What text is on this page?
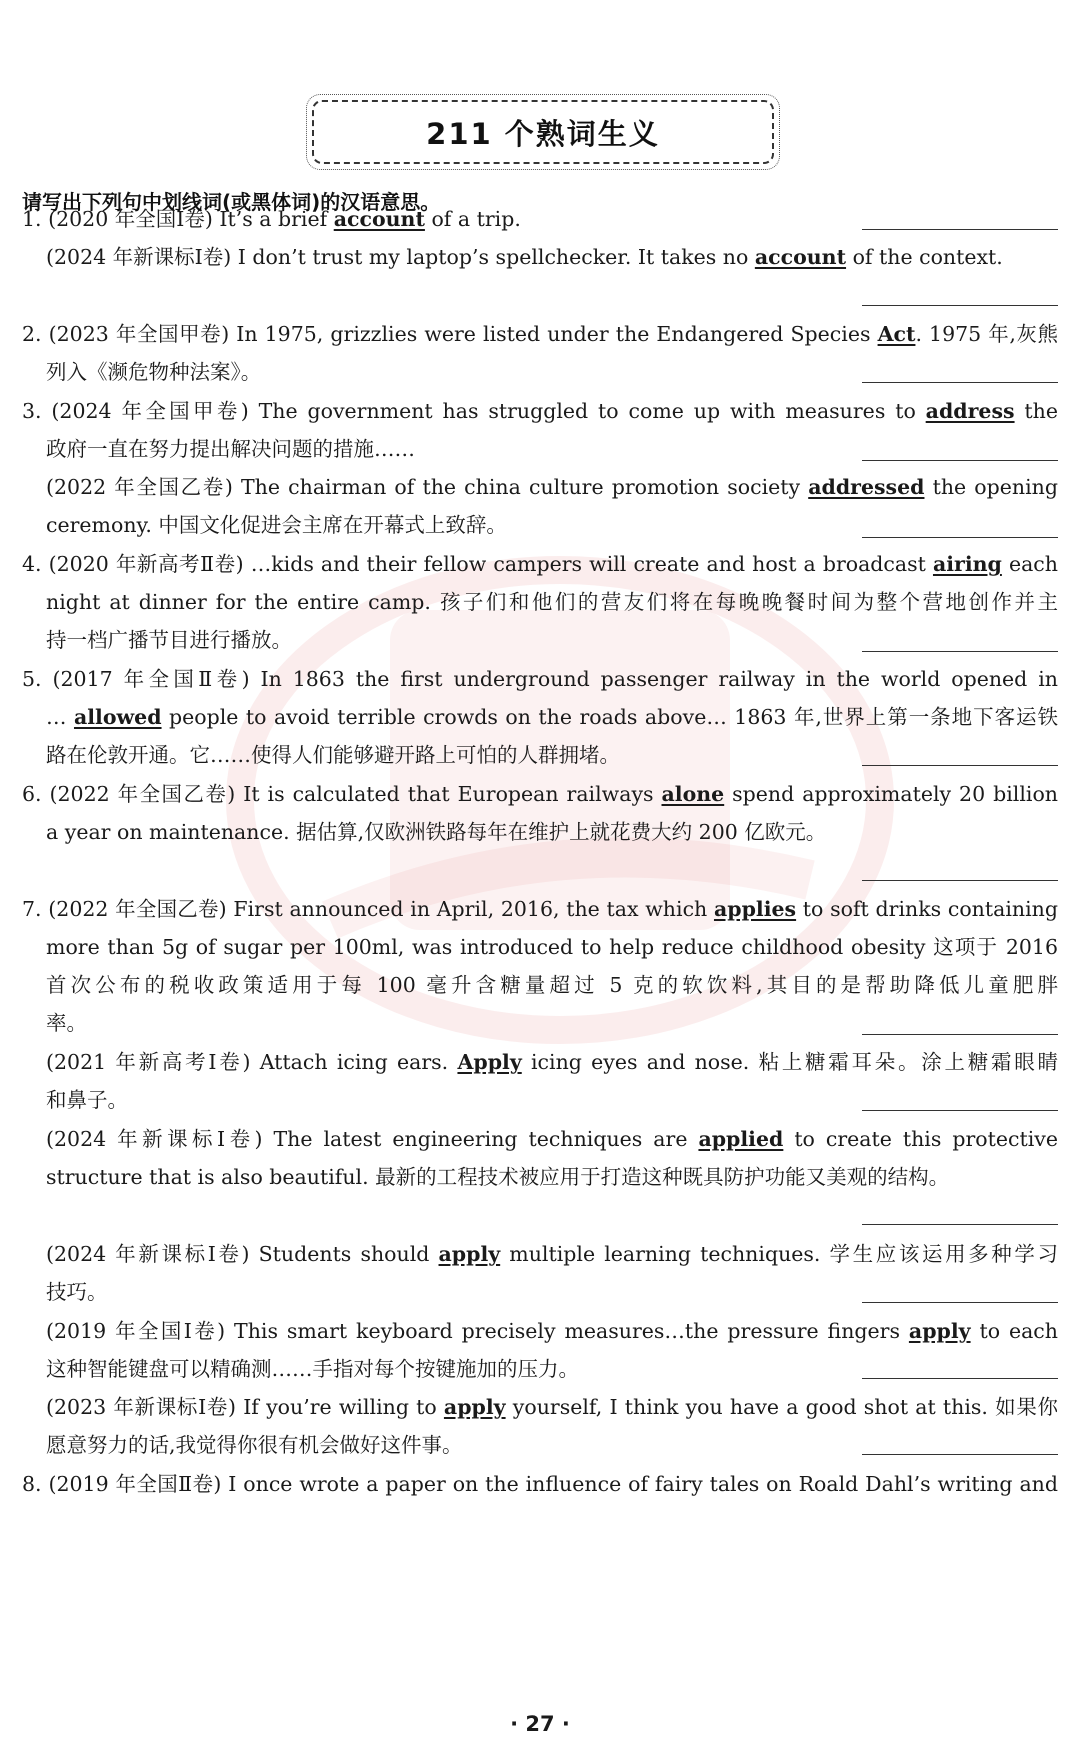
211 个熟词生义
请写出下列句中划线词(或黑体词)的汉语意思。
1. (2020 年全国Ⅰ卷) It’s a brief account of a trip.
(2024 年新课标Ⅰ卷) I don’t trust my laptop’s spellchecker. It takes no account of the context.
2. (2023 年全国甲卷) In 1975, grizzlies were listed under the Endangered Species Act. 1975 年,灰熊
列入《濒危物种法案》。
3. (2024 年全国甲卷) The government has struggled to come up with measures to address the
政府一直在努力提出解决问题的措施……
(2022 年全国乙卷) The chairman of the china culture promotion society addressed the opening
ceremony. 中国文化促进会主席在开幕式上致辞。
4. (2020 年新高考Ⅱ卷) …kids and their fellow campers will create and host a broadcast airing each
night at dinner for the entire camp. 孩子们和他们的营友们将在每晚晚餐时间为整个营地创作并主
持一档广播节目进行播放。
5. (2017 年全国Ⅱ卷) In 1863 the first underground passenger railway in the world opened in
… allowed people to avoid terrible crowds on the roads above… 1863 年,世界上第一条地下客运铁
路在伦敦开通。它……使得人们能够避开路上可怕的人群拥堵。
6. (2022 年全国乙卷) It is calculated that European railways alone spend approximately 20 billion
a year on maintenance. 据估算,仅欧洲铁路每年在维护上就花费大约 200 亿欧元。
7. (2022 年全国乙卷) First announced in April, 2016, the tax which applies to soft drinks containing
more than 5g of sugar per 100ml, was introduced to help reduce childhood obesity 这项于 2016
首次公布的税收政策适用于每 100 毫升含糖量超过 5 克的软饮料,其目的是帮助降低儿童肥胖
率。
(2021 年新高考Ⅰ卷) Attach icing ears. Apply icing eyes and nose. 粘上糖霜耳朵。涂上糖霜眼睛
和鼻子。
(2024 年新课标Ⅰ卷) The latest engineering techniques are applied to create this protective
structure that is also beautiful. 最新的工程技术被应用于打造这种既具防护功能又美观的结构。
(2024 年新课标Ⅰ卷) Students should apply multiple learning techniques. 学生应该运用多种学习
技巧。
(2019 年全国Ⅰ卷) This smart keyboard precisely measures…the pressure fingers apply to each
这种智能键盘可以精确测……手指对每个按键施加的压力。
(2023 年新课标Ⅰ卷) If you’re willing to apply yourself, I think you have a good shot at this. 如果你
愿意努力的话,我觉得你很有机会做好这件事。
8. (2019 年全国Ⅱ卷) I once wrote a paper on the influence of fairy tales on Roald Dahl’s writing and
· 27 ·
